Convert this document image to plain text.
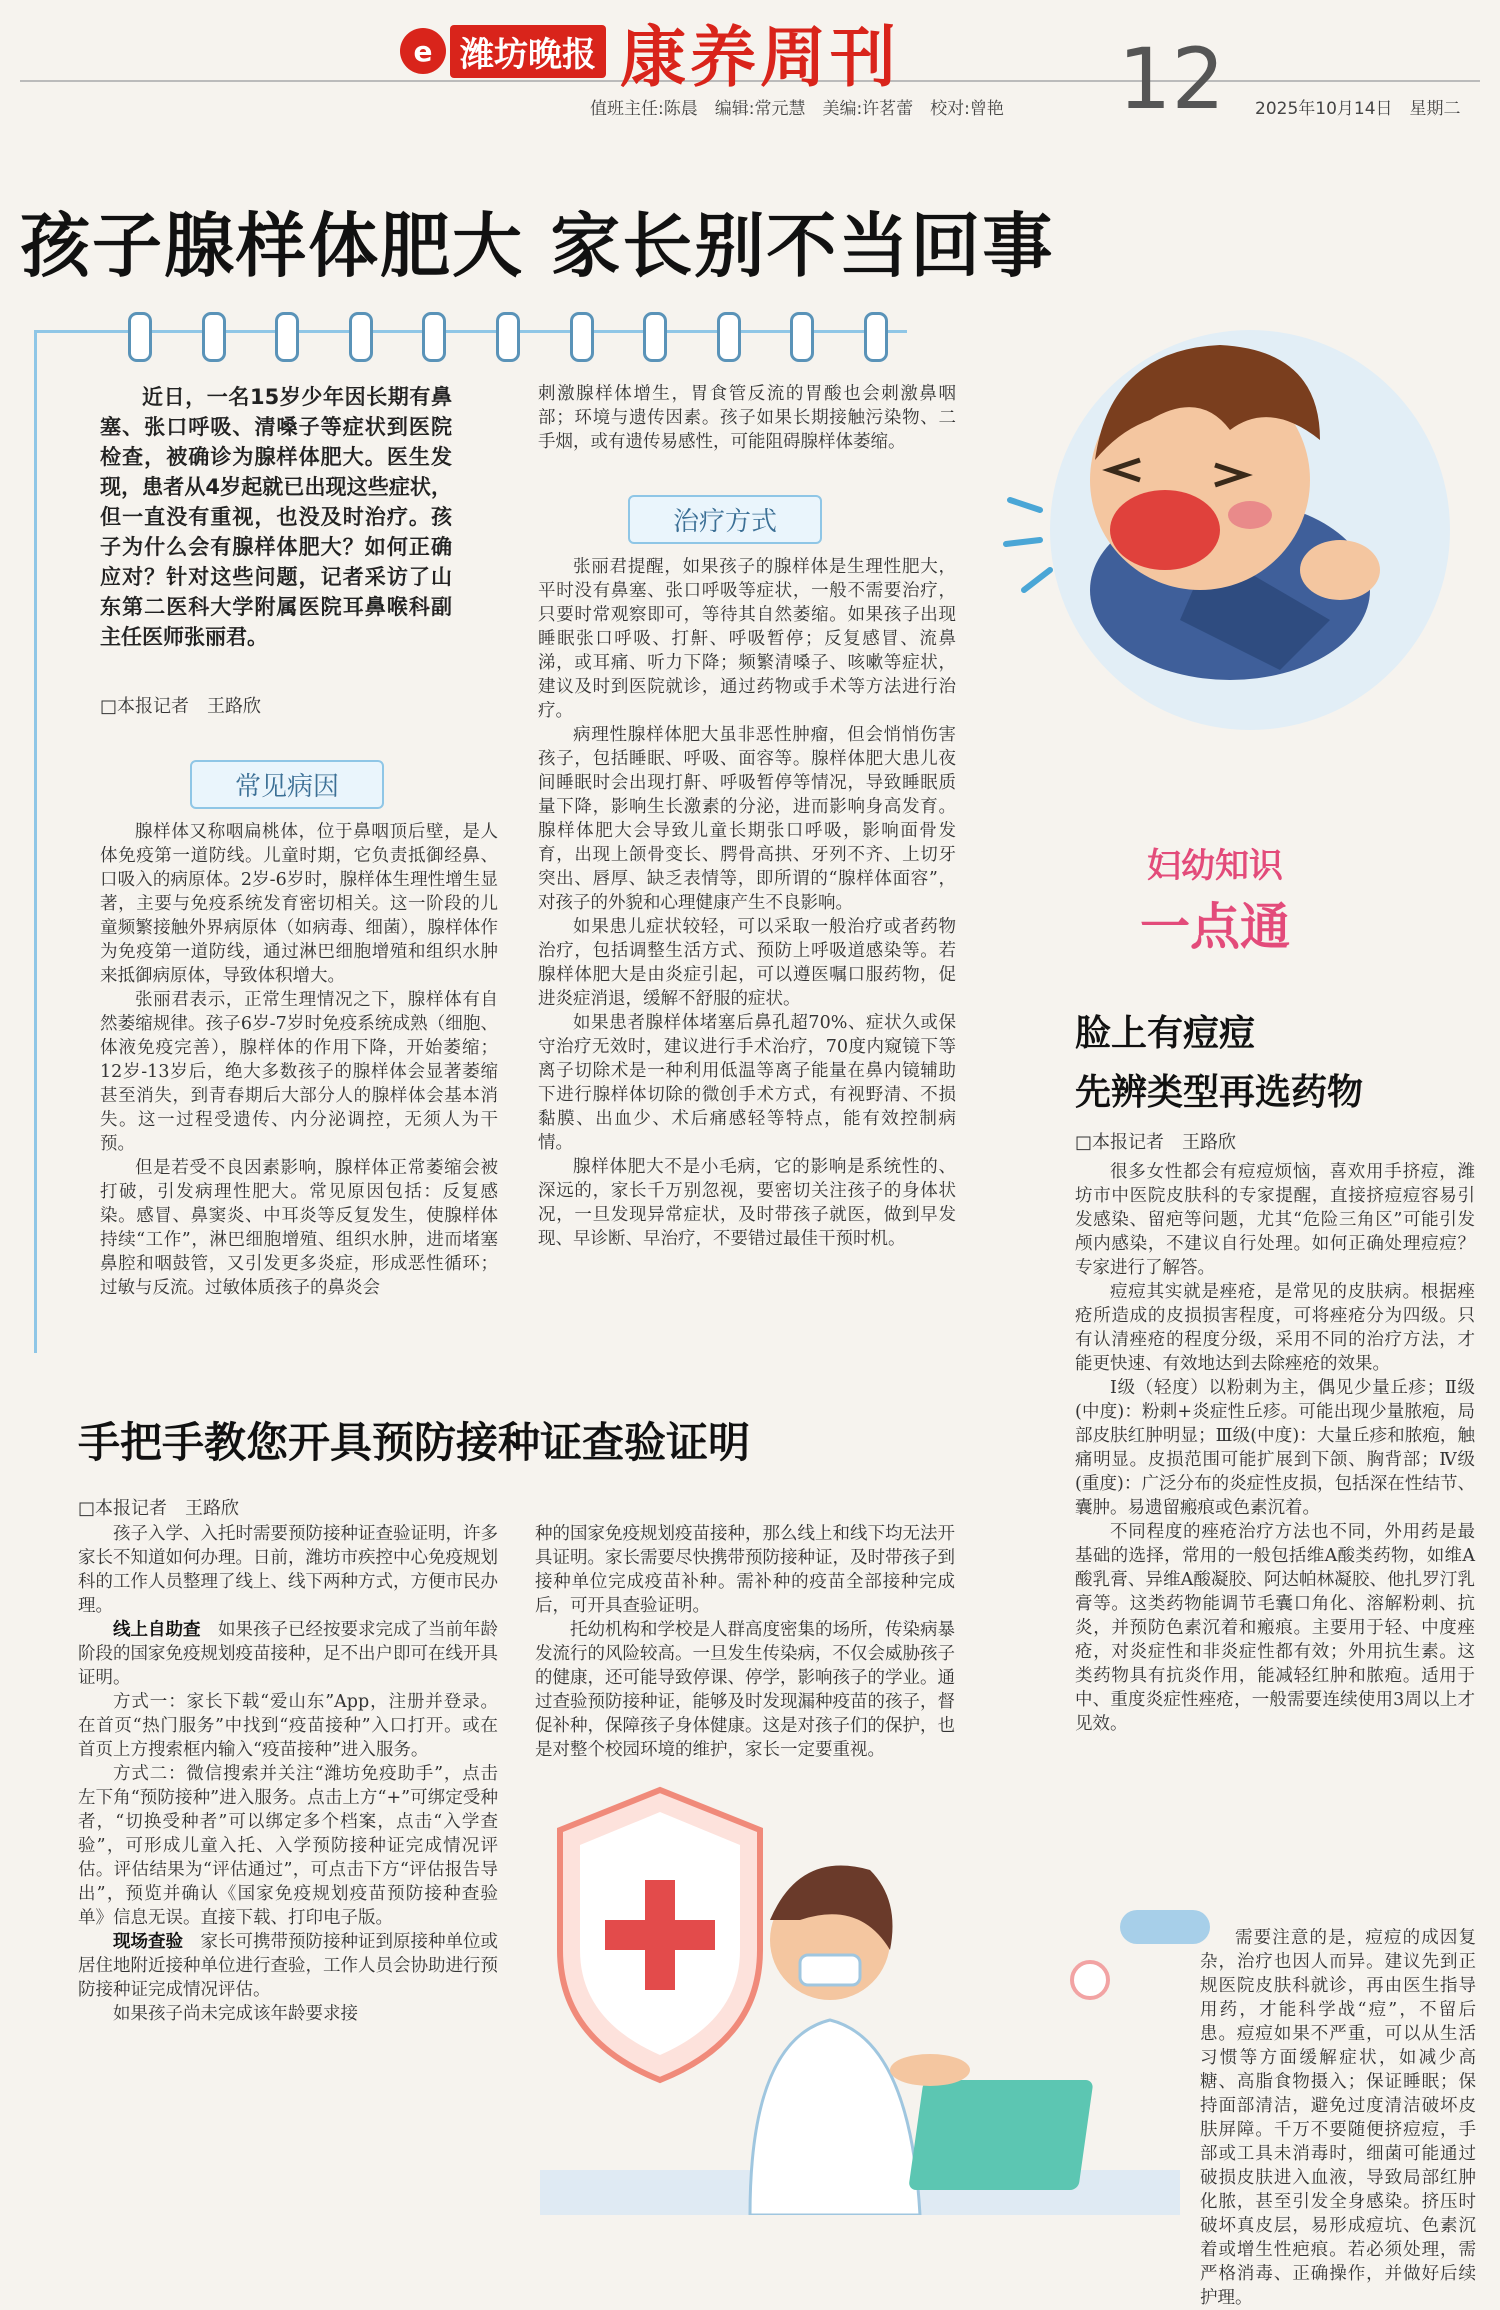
e 潍坊晚报 康养周刊
值班主任:陈晨　编辑:常元慧　美编:许茗蕾　校对:曾艳 12 2025年10月14日　星期二
孩子腺样体肥大 家长别不当回事

近日，一名15岁少年因长期有鼻塞、张口呼吸、清嗓子等症状到医院检查，被确诊为腺样体肥大。医生发现，患者从4岁起就已出现这些症状，但一直没有重视，也没及时治疗。孩子为什么会有腺样体肥大？如何正确应对？针对这些问题，记者采访了山东第二医科大学附属医院耳鼻喉科副主任医师张丽君。

□本报记者　王路欣
常见病因

腺样体又称咽扁桃体，位于鼻咽顶后壁，是人体免疫第一道防线。儿童时期，它负责抵御经鼻、口吸入的病原体。2岁-6岁时，腺样体生理性增生显著，主要与免疫系统发育密切相关。这一阶段的儿童频繁接触外界病原体（如病毒、细菌），腺样体作为免疫第一道防线，通过淋巴细胞增殖和组织水肿来抵御病原体，导致体积增大。

张丽君表示，正常生理情况之下，腺样体有自然萎缩规律。孩子6岁-7岁时免疫系统成熟（细胞、体液免疫完善），腺样体的作用下降，开始萎缩；12岁-13岁后，绝大多数孩子的腺样体会显著萎缩甚至消失，到青春期后大部分人的腺样体会基本消失。这一过程受遗传、内分泌调控，无须人为干预。

但是若受不良因素影响，腺样体正常萎缩会被打破，引发病理性肥大。常见原因包括：反复感染。感冒、鼻窦炎、中耳炎等反复发生，使腺样体持续“工作”，淋巴细胞增殖、组织水肿，进而堵塞鼻腔和咽鼓管，又引发更多炎症，形成恶性循环；过敏与反流。过敏体质孩子的鼻炎会

刺激腺样体增生，胃食管反流的胃酸也会刺激鼻咽部；环境与遗传因素。孩子如果长期接触污染物、二手烟，或有遗传易感性，可能阻碍腺样体萎缩。

治疗方式

张丽君提醒，如果孩子的腺样体是生理性肥大，平时没有鼻塞、张口呼吸等症状，一般不需要治疗，只要时常观察即可，等待其自然萎缩。如果孩子出现睡眠张口呼吸、打鼾、呼吸暂停；反复感冒、流鼻涕，或耳痛、听力下降；频繁清嗓子、咳嗽等症状，建议及时到医院就诊，通过药物或手术等方法进行治疗。

病理性腺样体肥大虽非恶性肿瘤，但会悄悄伤害孩子，包括睡眠、呼吸、面容等。腺样体肥大患儿夜间睡眠时会出现打鼾、呼吸暂停等情况，导致睡眠质量下降，影响生长激素的分泌，进而影响身高发育。腺样体肥大会导致儿童长期张口呼吸，影响面骨发育，出现上颌骨变长、腭骨高拱、牙列不齐、上切牙突出、唇厚、缺乏表情等，即所谓的“腺样体面容”，对孩子的外貌和心理健康产生不良影响。

如果患儿症状较轻，可以采取一般治疗或者药物治疗，包括调整生活方式、预防上呼吸道感染等。若腺样体肥大是由炎症引起，可以遵医嘱口服药物，促进炎症消退，缓解不舒服的症状。

如果患者腺样体堵塞后鼻孔超70%、症状久或保守治疗无效时，建议进行手术治疗，70度内窥镜下等离子切除术是一种利用低温等离子能量在鼻内镜辅助下进行腺样体切除的微创手术方式，有视野清、不损黏膜、出血少、术后痛感轻等特点，能有效控制病情。

腺样体肥大不是小毛病，它的影响是系统性的、深远的，家长千万别忽视，要密切关注孩子的身体状况，一旦发现异常症状，及时带孩子就医，做到早发现、早诊断、早治疗，不要错过最佳干预时机。

手把手教您开具预防接种证查验证明
□本报记者　王路欣

孩子入学、入托时需要预防接种证查验证明，许多家长不知道如何办理。日前，潍坊市疾控中心免疫规划科的工作人员整理了线上、线下两种方式，方便市民办理。

线上自助查　 如果孩子已经按要求完成了当前年龄阶段的国家免疫规划疫苗接种，足不出户即可在线开具证明。

方式一：家长下载“爱山东”App，注册并登录。在首页“热门服务”中找到“疫苗接种”入口打开。或在首页上方搜索框内输入“疫苗接种”进入服务。

方式二：微信搜索并关注“潍坊免疫助手”，点击左下角“预防接种”进入服务。点击上方“+”可绑定受种者，“切换受种者”可以绑定多个档案，点击“入学查验”，可形成儿童入托、入学预防接种证完成情况评估。评估结果为“评估通过”，可点击下方“评估报告导出”，预览并确认《国家免疫规划疫苗预防接种查验单》信息无误。直接下载、打印电子版。

现场查验　 家长可携带预防接种证到原接种单位或居住地附近接种单位进行查验，工作人员会协助进行预防接种证完成情况评估。

如果孩子尚未完成该年龄要求接

种的国家免疫规划疫苗接种，那么线上和线下均无法开具证明。家长需要尽快携带预防接种证，及时带孩子到接种单位完成疫苗补种。需补种的疫苗全部接种完成后，可开具查验证明。

托幼机构和学校是人群高度密集的场所，传染病暴发流行的风险较高。一旦发生传染病，不仅会威胁孩子的健康，还可能导致停课、停学，影响孩子的学业。通过查验预防接种证，能够及时发现漏种疫苗的孩子，督促补种，保障孩子身体健康。这是对孩子们的保护，也是对整个校园环境的维护，家长一定要重视。

妇幼知识
一点通
脸上有痘痘
先辨类型再选药物
□本报记者　王路欣

很多女性都会有痘痘烦恼，喜欢用手挤痘，潍坊市中医院皮肤科的专家提醒，直接挤痘痘容易引发感染、留疤等问题，尤其“危险三角区”可能引发颅内感染，不建议自行处理。如何正确处理痘痘？专家进行了解答。

痘痘其实就是痤疮，是常见的皮肤病。根据痤疮所造成的皮损损害程度，可将痤疮分为四级。只有认清痤疮的程度分级，采用不同的治疗方法，才能更快速、有效地达到去除痤疮的效果。

Ⅰ级（轻度）以粉刺为主，偶见少量丘疹；Ⅱ级(中度)：粉刺+炎症性丘疹。可能出现少量脓疱，局部皮肤红肿明显；Ⅲ级(中度)：大量丘疹和脓疱，触痛明显。皮损范围可能扩展到下颌、胸背部；Ⅳ级(重度)：广泛分布的炎症性皮损，包括深在性结节、囊肿。易遗留瘢痕或色素沉着。

不同程度的痤疮治疗方法也不同，外用药是最基础的选择，常用的一般包括维A酸类药物，如维A酸乳膏、异维A酸凝胶、阿达帕林凝胶、他扎罗汀乳膏等。这类药物能调节毛囊口角化、溶解粉刺、抗炎，并预防色素沉着和瘢痕。主要用于轻、中度痤疮，对炎症性和非炎症性都有效；外用抗生素。这类药物具有抗炎作用，能减轻红肿和脓疱。适用于中、重度炎症性痤疮，一般需要连续使用3周以上才见效。

需要注意的是，痘痘的成因复杂，治疗也因人而异。建议先到正规医院皮肤科就诊，再由医生指导用药，才能科学战“痘”，不留后患。痘痘如果不严重，可以从生活习惯等方面缓解症状，如减少高糖、高脂食物摄入；保证睡眠；保持面部清洁，避免过度清洁破坏皮肤屏障。千万不要随便挤痘痘，手部或工具未消毒时，细菌可能通过破损皮肤进入血液，导致局部红肿化脓，甚至引发全身感染。挤压时破坏真皮层，易形成痘坑、色素沉着或增生性疤痕。若必须处理，需严格消毒、正确操作，并做好后续护理。
